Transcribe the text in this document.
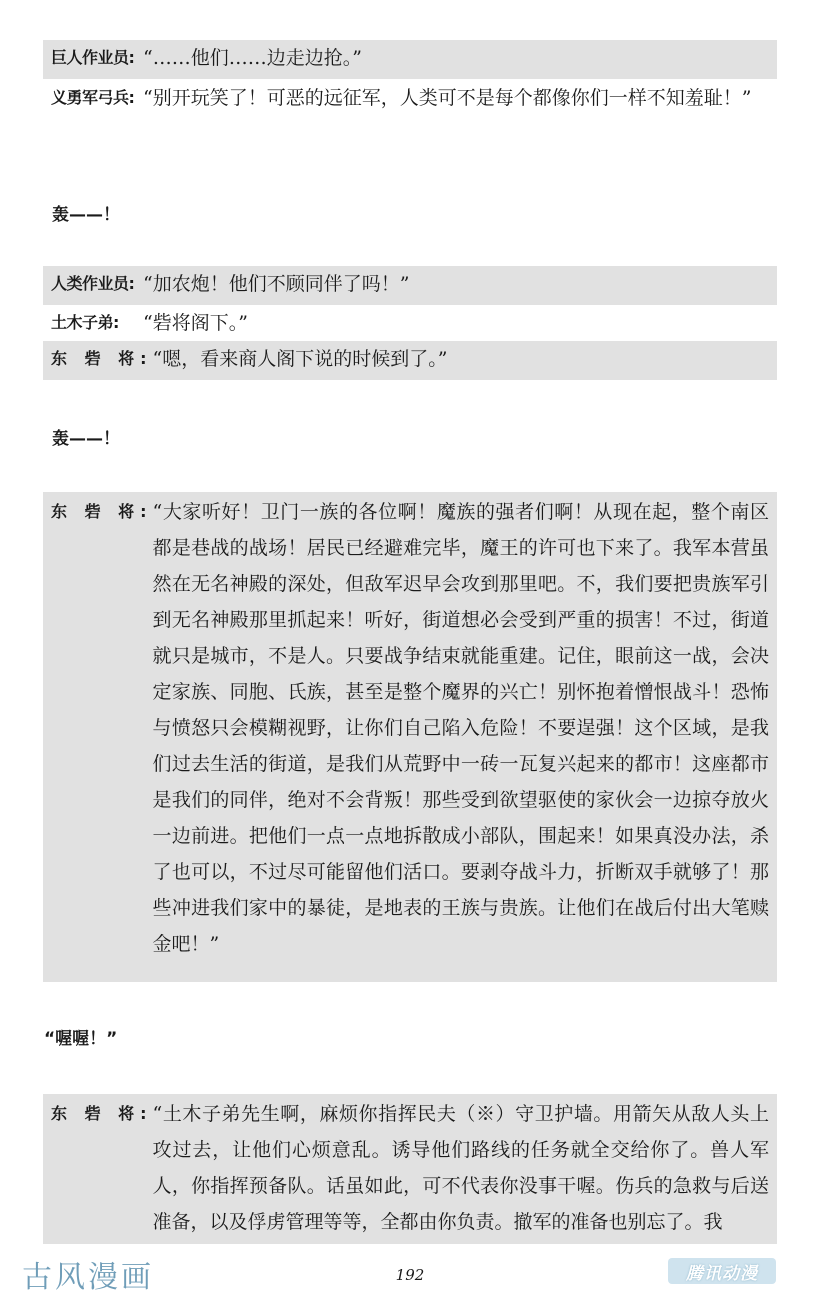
巨人作业员: “……他们……边走边抢。”
义勇军弓兵: “别开玩笑了！可恶的远征军，人类可不是每个都像你们一样不知羞耻！”
轰——！
人类作业员: “加农炮！他们不顾同伴了吗！”
土木子弟:	“砦将阁下。”
东 砦 将: “嗯，看来商人阁下说的时候到了。”
轰——！
东 砦 将: “大家听好！卫门一族的各位啊！魔族的强者们啊！从现在起，整个南区都是巷战的战场！居民已经避难完毕，魔王的许可也下来了。我军本营虽然在无名神殿的深处，但敌军迟早会攻到那里吧。不，我们要把贵族军引到无名神殿那里抓起来！听好，街道想必会受到严重的损害！不过，街道就只是城市，不是人。只要战争结束就能重建。记住，眼前这一战，会决定家族、同胞、氏族，甚至是整个魔界的兴亡！别怀抱着憎恨战斗！恐怖与愤怒只会模糊视野，让你们自己陷入危险！不要逞强！这个区域，是我们过去生活的街道，是我们从荒野中一砖一瓦复兴起来的都市！这座都市是我们的同伴，绝对不会背叛！那些受到欲望驱使的家伙会一边掠夺放火一边前进。把他们一点一点地拆散成小部队，围起来！如果真没办法，杀了也可以，不过尽可能留他们活口。要剥夺战斗力，折断双手就够了！那些冲进我们家中的暴徒，是地表的王族与贵族。让他们在战后付出大笔赎金吧！”
“喔喔！”
东 砦 将: “土木子弟先生啊，麻烦你指挥民夫（※）守卫护墙。用箭矢从敌人头上攻过去，让他们心烦意乱。诱导他们路线的任务就全交给你了。兽人军人，你指挥预备队。话虽如此，可不代表你没事干喔。伤兵的急救与后送准备，以及俘虏管理等等，全都由你负责。撤军的准备也别忘了。我
古风漫画	192	腾讯动漫
